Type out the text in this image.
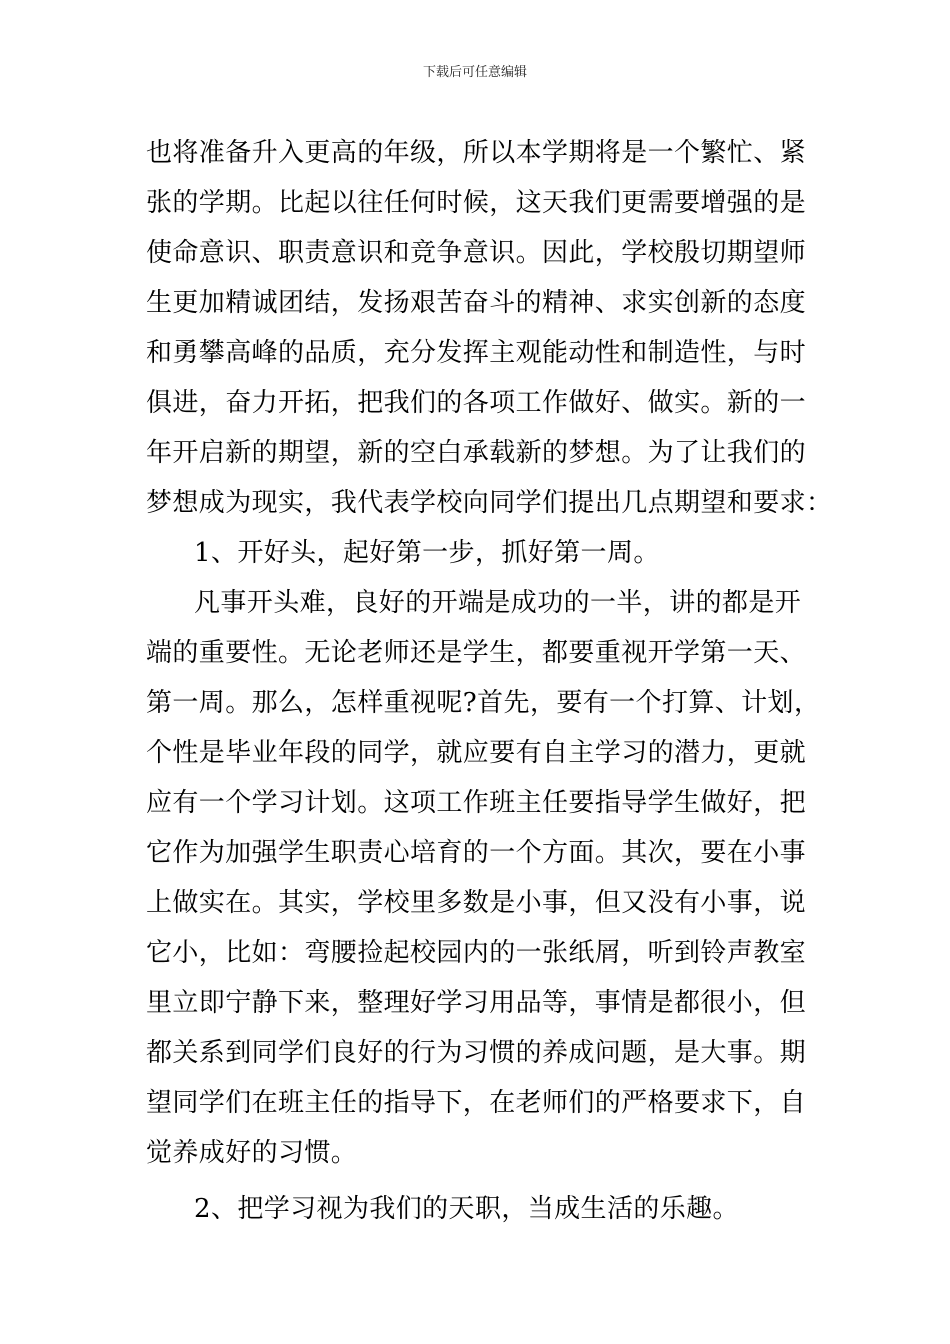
下载后可任意编辑
也将准备升入更高的年级，所以本学期将是一个繁忙、紧
张的学期。比起以往任何时候，这天我们更需要增强的是
使命意识、职责意识和竞争意识。因此，学校殷切期望师
生更加精诚团结，发扬艰苦奋斗的精神、求实创新的态度
和勇攀高峰的品质，充分发挥主观能动性和制造性，与时
俱进，奋力开拓，把我们的各项工作做好、做实。新的一
年开启新的期望，新的空白承载新的梦想。为了让我们的
梦想成为现实，我代表学校向同学们提出几点期望和要求：
1、开好头，起好第一步，抓好第一周。
凡事开头难，良好的开端是成功的一半，讲的都是开
端的重要性。无论老师还是学生，都要重视开学第一天、
第一周。那么，怎样重视呢?首先，要有一个打算、计划，
个性是毕业年段的同学，就应要有自主学习的潜力，更就
应有一个学习计划。这项工作班主任要指导学生做好，把
它作为加强学生职责心培育的一个方面。其次，要在小事
上做实在。其实，学校里多数是小事，但又没有小事，说
它小，比如：弯腰捡起校园内的一张纸屑，听到铃声教室
里立即宁静下来，整理好学习用品等，事情是都很小，但
都关系到同学们良好的行为习惯的养成问题，是大事。期
望同学们在班主任的指导下，在老师们的严格要求下，自
觉养成好的习惯。
2、把学习视为我们的天职，当成生活的乐趣。
